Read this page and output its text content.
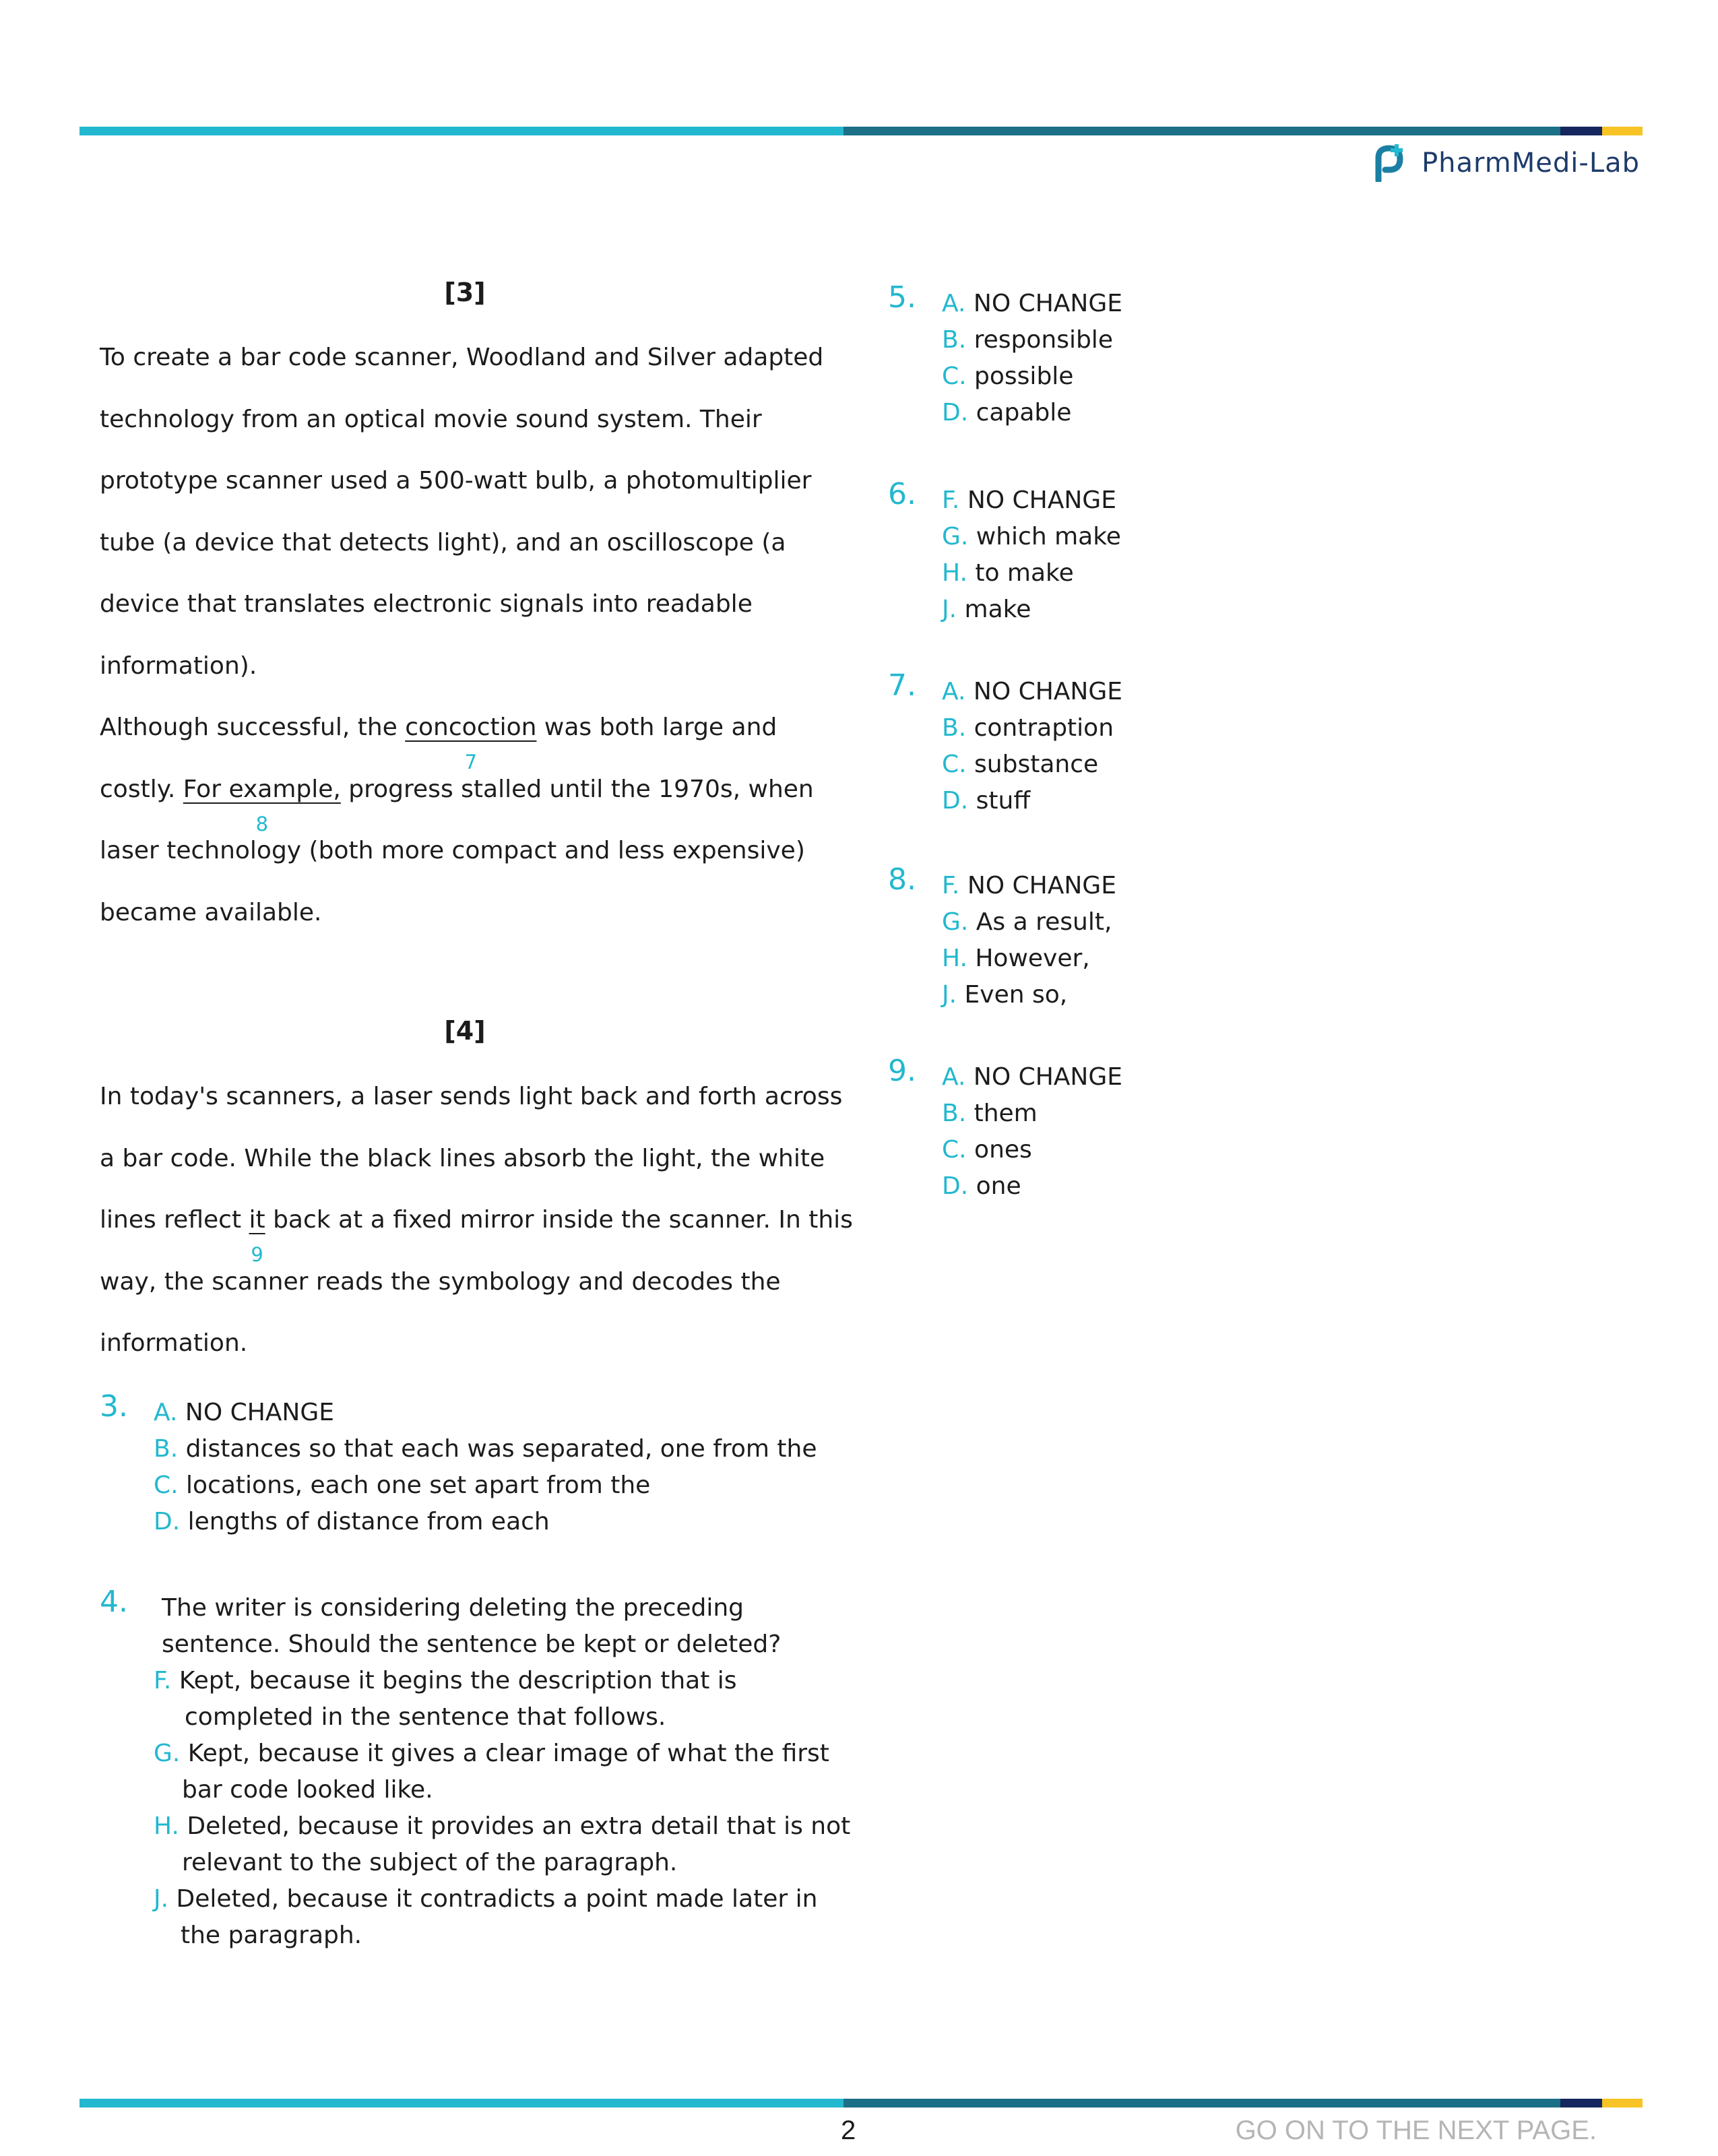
PharmMedi-Lab
[3]

To create a bar code scanner, Woodland and Silver adapted technology from an optical movie sound system. Their prototype scanner used a 500-watt bulb, a photomultiplier tube (a device that detects light), and an oscilloscope (a device that translates electronic signals into readable information).

Although successful, the concoction
7
was both large and costly. For example,
8
progress stalled until the 1970s, when laser technology (both more compact and less expensive) became available.

[4]

In today's scanners, a laser sends light back and forth across a bar code. While the black lines absorb the light, the white lines reflect it
9
back at a fixed mirror inside the scanner. In this way, the scanner reads the symbology and decodes the information.

3. A. NO CHANGE
B. distances so that each was separated, one from the
C. locations, each one set apart from the
D. lengths of distance from each
4. The writer is considering deleting the preceding
sentence. Should the sentence be kept or deleted?
F. Kept, because it begins the description that is
completed in the sentence that follows.
G. Kept, because it gives a clear image of what the first
bar code looked like.
H. Deleted, because it provides an extra detail that is not
relevant to the subject of the paragraph.
J. Deleted, because it contradicts a point made later in
the paragraph.
5. A. NO CHANGE
B. responsible
C. possible
D. capable
6. F. NO CHANGE
G. which make
H. to make
J. make
7. A. NO CHANGE
B. contraption
C. substance
D. stuff
8. F. NO CHANGE
G. As a result,
H. However,
J. Even so,
9. A. NO CHANGE
B. them
C. ones
D. one
2	GO ON TO THE NEXT PAGE.
